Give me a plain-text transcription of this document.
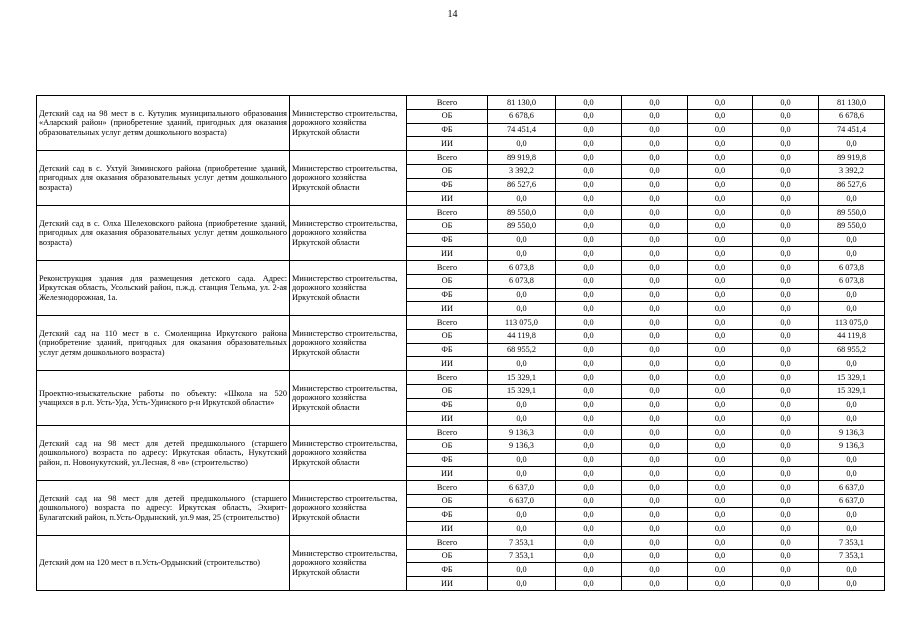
14
Детский сад на 98 мест в с. Кутулик муниципального образования «Аларский район» (приобретение зданий, пригодных для оказания образовательных услуг детям дошкольного возраста)	Министерство строительства, дорожного хозяйства Иркутской области	Всего	81 130,0	0,0	0,0	0,0	0,0	81 130,0
		ОБ	6 678,6	0,0	0,0	0,0	0,0	6 678,6
		ФБ	74 451,4	0,0	0,0	0,0	0,0	74 451,4
		ИИ	0,0	0,0	0,0	0,0	0,0	0,0
Детский сад в с. Ухтуй Зиминского района (приобретение зданий, пригодных для оказания образовательных услуг детям дошкольного возраста)	Министерство строительства, дорожного хозяйства Иркутской области	Всего	89 919,8	0,0	0,0	0,0	0,0	89 919,8
		ОБ	3 392,2	0,0	0,0	0,0	0,0	3 392,2
		ФБ	86 527,6	0,0	0,0	0,0	0,0	86 527,6
		ИИ	0,0	0,0	0,0	0,0	0,0	0,0
Детский сад в с. Олха Шелеховского района (приобретение зданий, пригодных для оказания образовательных услуг детям дошкольного возраста)	Министерство строительства, дорожного хозяйства Иркутской области	Всего	89 550,0	0,0	0,0	0,0	0,0	89 550,0
		ОБ	89 550,0	0,0	0,0	0,0	0,0	89 550,0
		ФБ	0,0	0,0	0,0	0,0	0,0	0,0
		ИИ	0,0	0,0	0,0	0,0	0,0	0,0
Реконструкция здания для размещения детского сада. Адрес: Иркутская область, Усольский район, п.ж.д. станция Тельма, ул. 2-ая Железнодорожная, 1а.	Министерство строительства, дорожного хозяйства Иркутской области	Всего	6 073,8	0,0	0,0	0,0	0,0	6 073,8
		ОБ	6 073,8	0,0	0,0	0,0	0,0	6 073,8
		ФБ	0,0	0,0	0,0	0,0	0,0	0,0
		ИИ	0,0	0,0	0,0	0,0	0,0	0,0
Детский сад на 110 мест в с. Смоленщина Иркутского района (приобретение зданий, пригодных для оказания образовательных услуг детям дошкольного возраста)	Министерство строительства, дорожного хозяйства Иркутской области	Всего	113 075,0	0,0	0,0	0,0	0,0	113 075,0
		ОБ	44 119,8	0,0	0,0	0,0	0,0	44 119,8
		ФБ	68 955,2	0,0	0,0	0,0	0,0	68 955,2
		ИИ	0,0	0,0	0,0	0,0	0,0	0,0
Проектно-изыскательские работы по объекту: «Школа на 520 учащихся в р.п. Усть-Уда, Усть-Удинского р-н Иркутской области»	Министерство строительства, дорожного хозяйства Иркутской области	Всего	15 329,1	0,0	0,0	0,0	0,0	15 329,1
		ОБ	15 329,1	0,0	0,0	0,0	0,0	15 329,1
		ФБ	0,0	0,0	0,0	0,0	0,0	0,0
		ИИ	0,0	0,0	0,0	0,0	0,0	0,0
Детский сад на 98 мест для детей предшкольного (старшего дошкольного) возраста по адресу: Иркутская область, Нукутский район, п. Новонукутский, ул.Лесная, 8 «в» (строительство)	Министерство строительства, дорожного хозяйства Иркутской области	Всего	9 136,3	0,0	0,0	0,0	0,0	9 136,3
		ОБ	9 136,3	0,0	0,0	0,0	0,0	9 136,3
		ФБ	0,0	0,0	0,0	0,0	0,0	0,0
		ИИ	0,0	0,0	0,0	0,0	0,0	0,0
Детский сад на 98 мест для детей предшкольного (старшего дошкольного) возраста по адресу: Иркутская область, Эхирит-Булагатский район, п.Усть-Ордынский, ул.9 мая, 25 (строительство)	Министерство строительства, дорожного хозяйства Иркутской области	Всего	6 637,0	0,0	0,0	0,0	0,0	6 637,0
		ОБ	6 637,0	0,0	0,0	0,0	0,0	6 637,0
		ФБ	0,0	0,0	0,0	0,0	0,0	0,0
		ИИ	0,0	0,0	0,0	0,0	0,0	0,0
Детский дом на 120 мест в п.Усть-Ордынский (строительство)	Министерство строительства, дорожного хозяйства Иркутской области	Всего	7 353,1	0,0	0,0	0,0	0,0	7 353,1
		ОБ	7 353,1	0,0	0,0	0,0	0,0	7 353,1
		ФБ	0,0	0,0	0,0	0,0	0,0	0,0
		ИИ	0,0	0,0	0,0	0,0	0,0	0,0
